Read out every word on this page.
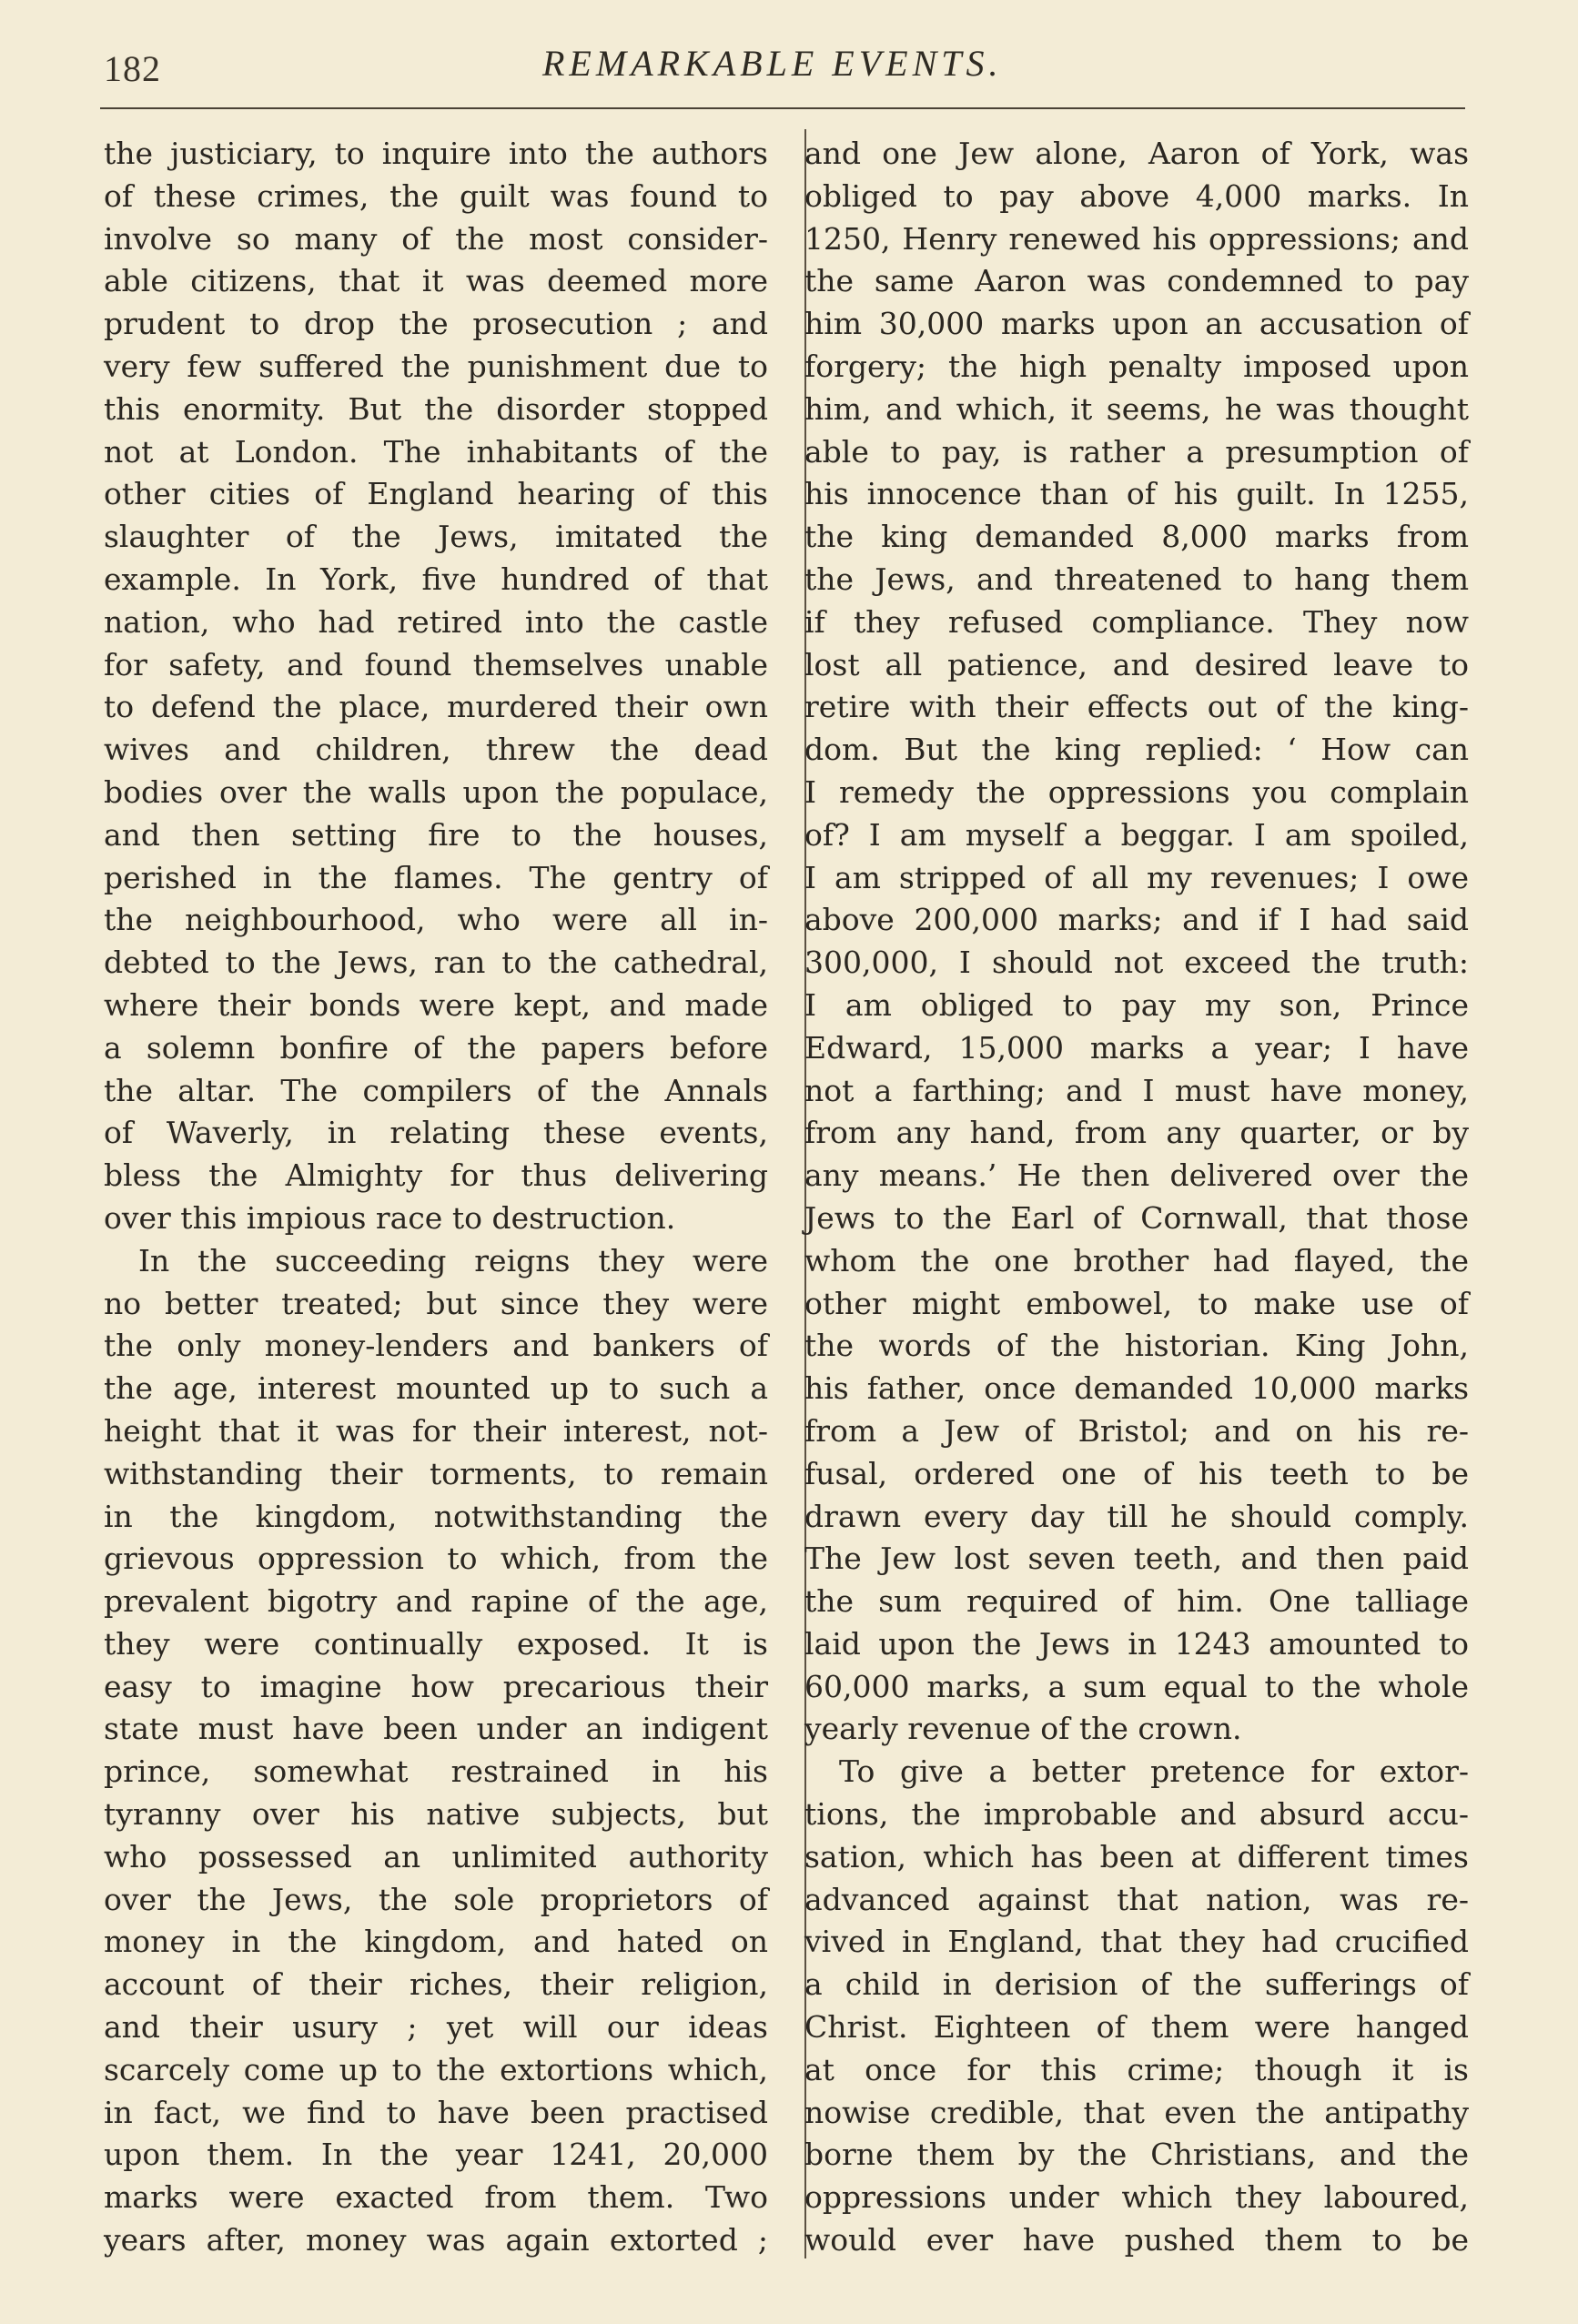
182	REMARKABLE EVENTS.
the justiciary, to inquire into the authors
of these crimes, the guilt was found to
involve so many of the most consider-
able citizens, that it was deemed more
prudent to drop the prosecution ; and
very few suffered the punishment due to
this enormity. But the disorder stopped
not at London. The inhabitants of the
other cities of England hearing of this
slaughter of the Jews, imitated the
example. In York, five hundred of that
nation, who had retired into the castle
for safety, and found themselves unable
to defend the place, murdered their own
wives and children, threw the dead
bodies over the walls upon the populace,
and then setting fire to the houses,
perished in the flames. The gentry of
the neighbourhood, who were all in-
debted to the Jews, ran to the cathedral,
where their bonds were kept, and made
a solemn bonfire of the papers before
the altar. The compilers of the Annals
of Waverly, in relating these events,
bless the Almighty for thus delivering
over this impious race to destruction.
In the succeeding reigns they were
no better treated; but since they were
the only money-lenders and bankers of
the age, interest mounted up to such a
height that it was for their interest, not-
withstanding their torments, to remain
in the kingdom, notwithstanding the
grievous oppression to which, from the
prevalent bigotry and rapine of the age,
they were continually exposed. It is
easy to imagine how precarious their
state must have been under an indigent
prince, somewhat restrained in his
tyranny over his native subjects, but
who possessed an unlimited authority
over the Jews, the sole proprietors of
money in the kingdom, and hated on
account of their riches, their religion,
and their usury ; yet will our ideas
scarcely come up to the extortions which,
in fact, we find to have been practised
upon them. In the year 1241, 20,000
marks were exacted from them. Two
years after, money was again extorted ;
and one Jew alone, Aaron of York, was
obliged to pay above 4,000 marks. In
1250, Henry renewed his oppressions; and
the same Aaron was condemned to pay
him 30,000 marks upon an accusation of
forgery; the high penalty imposed upon
him, and which, it seems, he was thought
able to pay, is rather a presumption of
his innocence than of his guilt. In 1255,
the king demanded 8,000 marks from
the Jews, and threatened to hang them
if they refused compliance. They now
lost all patience, and desired leave to
retire with their effects out of the king-
dom. But the king replied: ‘ How can
I remedy the oppressions you complain
of? I am myself a beggar. I am spoiled,
I am stripped of all my revenues; I owe
above 200,000 marks; and if I had said
300,000, I should not exceed the truth:
I am obliged to pay my son, Prince
Edward, 15,000 marks a year; I have
not a farthing; and I must have money,
from any hand, from any quarter, or by
any means.’ He then delivered over the
Jews to the Earl of Cornwall, that those
whom the one brother had flayed, the
other might embowel, to make use of
the words of the historian. King John,
his father, once demanded 10,000 marks
from a Jew of Bristol; and on his re-
fusal, ordered one of his teeth to be
drawn every day till he should comply.
The Jew lost seven teeth, and then paid
the sum required of him. One talliage
laid upon the Jews in 1243 amounted to
60,000 marks, a sum equal to the whole
yearly revenue of the crown.
To give a better pretence for extor-
tions, the improbable and absurd accu-
sation, which has been at different times
advanced against that nation, was re-
vived in England, that they had crucified
a child in derision of the sufferings of
Christ. Eighteen of them were hanged
at once for this crime; though it is
nowise credible, that even the antipathy
borne them by the Christians, and the
oppressions under which they laboured,
would ever have pushed them to be
